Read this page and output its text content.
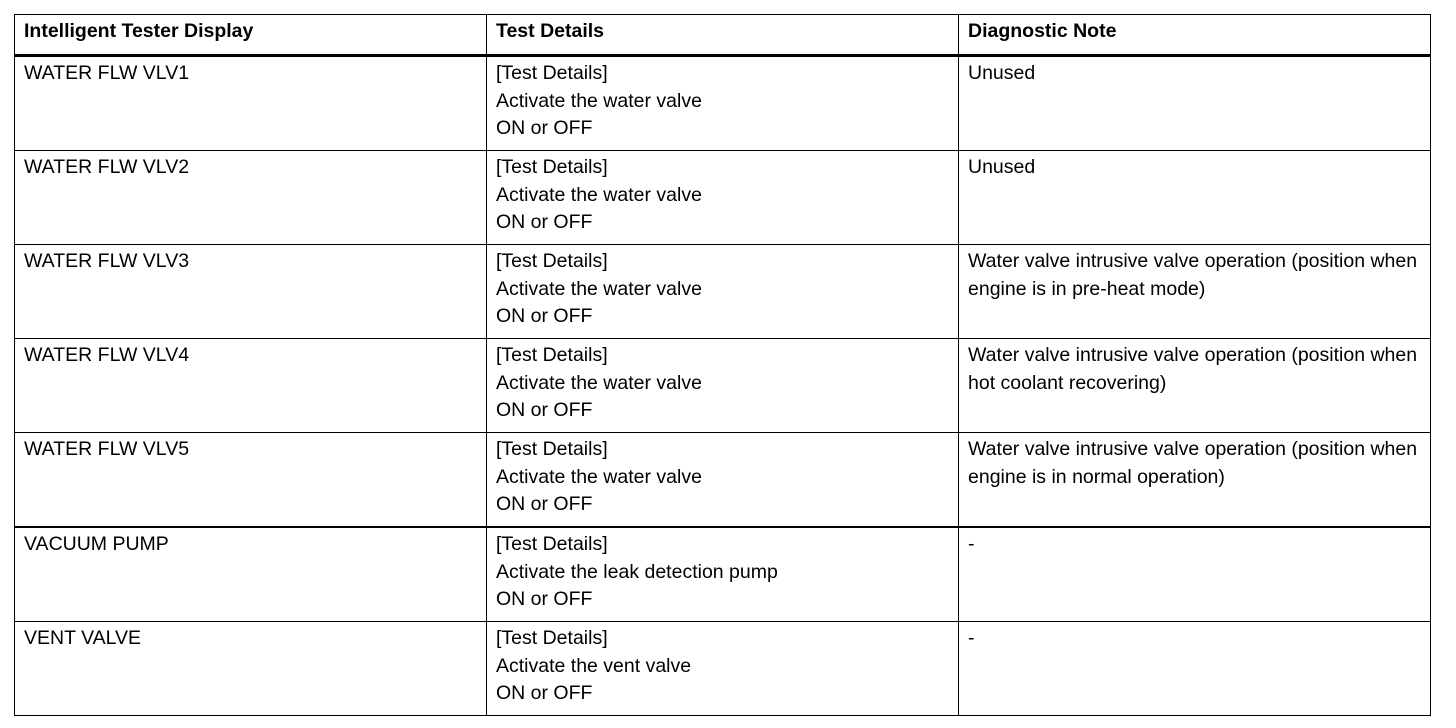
Intelligent Tester Display	Test Details	Diagnostic Note
WATER FLW VLV1	[Test Details]
Activate the water valve
ON or OFF	Unused

WATER FLW VLV2	[Test Details]
Activate the water valve
ON or OFF	Unused

WATER FLW VLV3	[Test Details]
Activate the water valve
ON or OFF	Water valve intrusive valve operation (position when engine is in pre-heat mode)

WATER FLW VLV4	[Test Details]
Activate the water valve
ON or OFF	Water valve intrusive valve operation (position when hot coolant recovering)

WATER FLW VLV5	[Test Details]
Activate the water valve
ON or OFF	Water valve intrusive valve operation (position when engine is in normal operation)

VACUUM PUMP	[Test Details]
Activate the leak detection pump
ON or OFF	-

VENT VALVE	[Test Details]
Activate the vent valve
ON or OFF	-
